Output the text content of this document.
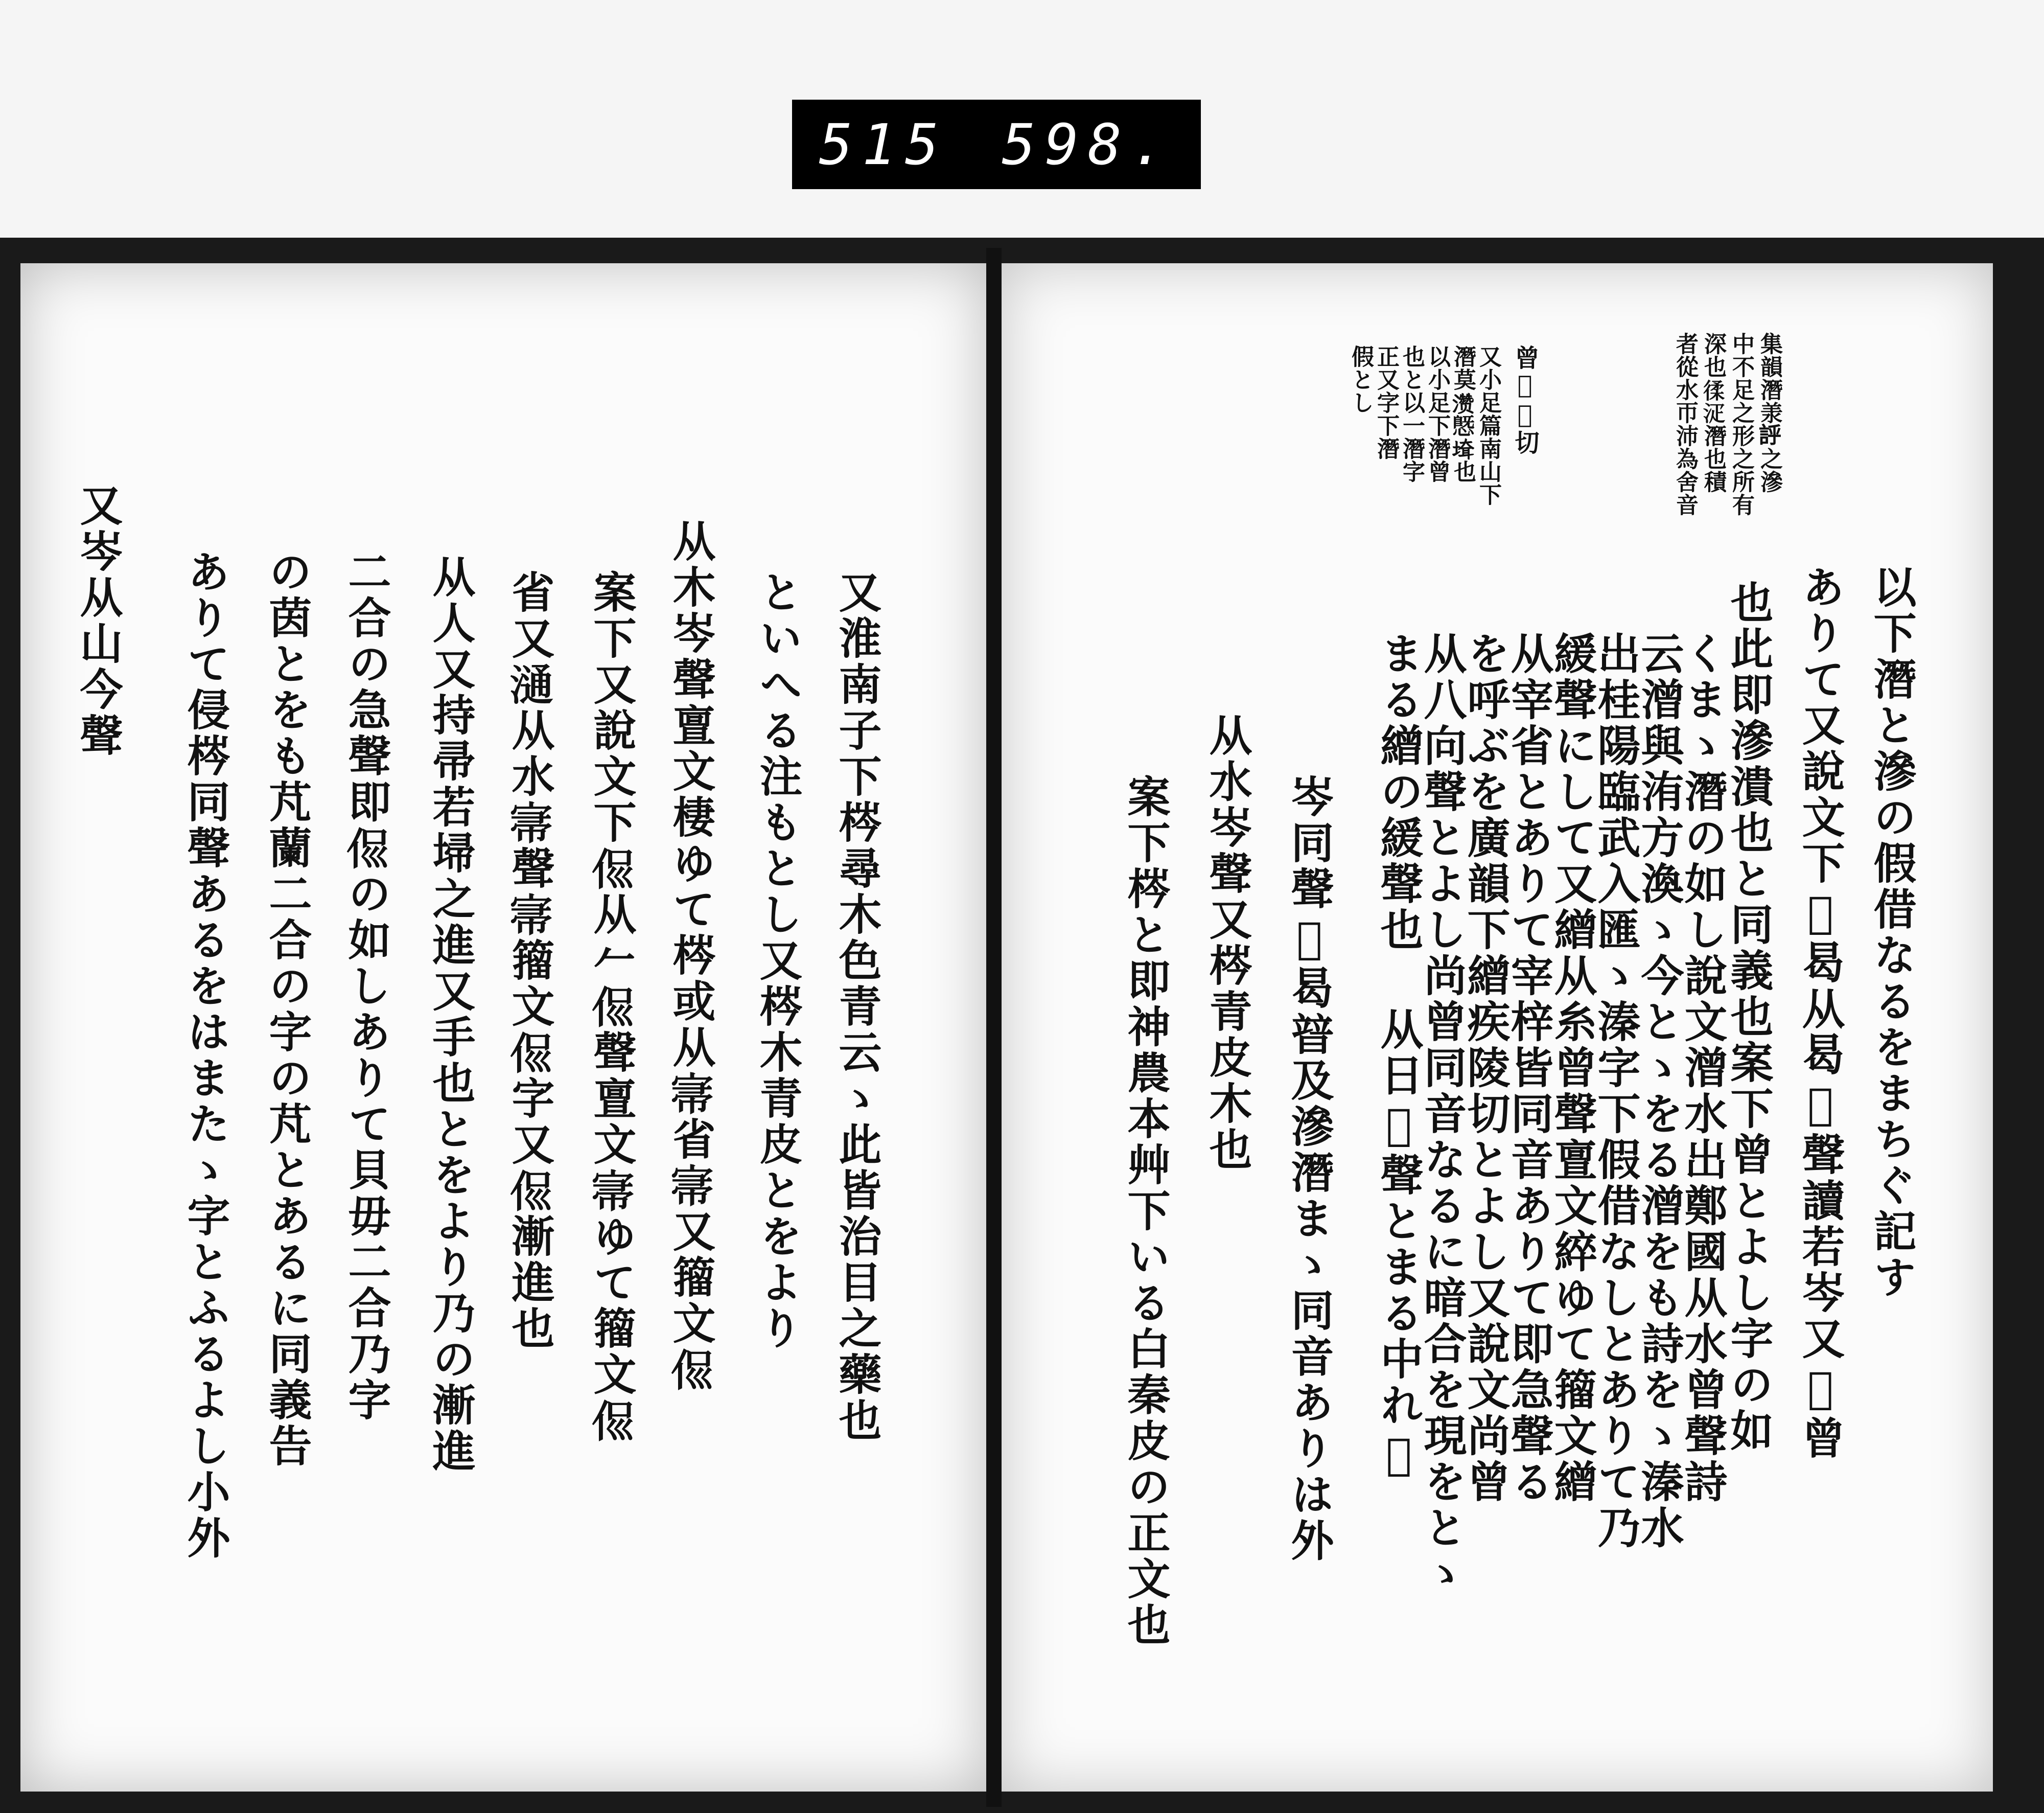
515 598.
又淮南子下梣尋木色青云ゝ此皆治目之藥也
といへる注もとし又梣木青皮とをより
从木岑聲亶文棲ゆて梣或从𡨦省𡨦又籀文𠈉
案下又說文下𠈉从𠂉𠈉聲亶文𡨦ゆて籀文𠈉
省又𣻢从水𡨦聲𡨦籀文𠈉字又𠈉漸進也
从人又持帚若埽之進又手也とをより乃の漸進
二合の急聲即𠈉の如しありて貝毋二合乃字
の茵とをも芃蘭二合の字の芃とあるに同義告
ありて侵梣同聲あるをはまたゝ字とふるよし小外
又岑从山今聲
集韻潛𣴎𧦝之滲
中不足之形之所有
深也𢔟𣳟潛也積
者從水帀沛為舍音
曾𣈆𧫷切
又小足篇南山下
潛莫𪷽𢟪𡍲也
以小足下潛曾
也と以一潛字
正又字下潛
假とし
以下潛と滲の假借なるをまちぐ記す
ありて又說文下𤼨曷从曷𣢟聲讀若岑又𣈆曾
也此即滲潰也と同義也案下曾とよし字の如
くまゝ潛の如し說文潧水出鄭國从水曾聲詩
云潧與洧方渙ゝ今とゝをる潧をも詩をゝ溱水
出桂陽臨武入匯ゝ溱字下假借なしとありて乃
緩聲にして又繒从糸曾聲亶文綷ゆて籀文繒
从宰省とありて宰梓皆同音ありて即急聲る
を呼ぶを廣韻下繒疾陵切とよし又說文尚曾
从八向聲とよし尚曾同音なるに暗合を現をとゝ
まる繒の緩聲也 从日𤼨聲とまる中れ𤼨
岑同聲𤼨曷暜及滲潛まゝ同音ありは外
从水岑聲又梣青皮木也
案下梣と即神農本艸下いる白秦皮の正文也
